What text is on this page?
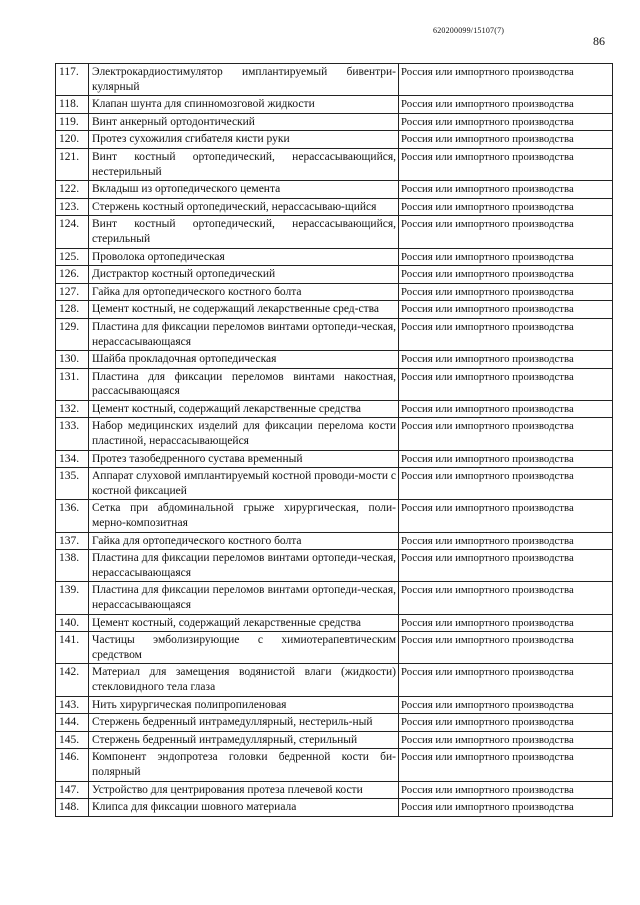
620200099/15107(7)
86
117.	Электрокардиостимулятор имплантируемый бивентри-кулярный	Россия или импортного производства
118.	Клапан шунта для спинномозговой жидкости	Россия или импортного производства
119.	Винт анкерный ортодонтический	Россия или импортного производства
120.	Протез сухожилия сгибателя кисти руки	Россия или импортного производства
121.	Винт костный ортопедический, нерассасывающийся, нестерильный	Россия или импортного производства
122.	Вкладыш из ортопедического цемента	Россия или импортного производства
123.	Стержень костный ортопедический, нерассасываю-щийся	Россия или импортного производства
124.	Винт костный ортопедический, нерассасывающийся, стерильный	Россия или импортного производства
125.	Проволока ортопедическая	Россия или импортного производства
126.	Дистрактор костный ортопедический	Россия или импортного производства
127.	Гайка для ортопедического костного болта	Россия или импортного производства
128.	Цемент костный, не содержащий лекарственные сред-ства	Россия или импортного производства
129.	Пластина для фиксации переломов винтами ортопеди-ческая, нерассасывающаяся	Россия или импортного производства
130.	Шайба прокладочная ортопедическая	Россия или импортного производства
131.	Пластина для фиксации переломов винтами накостная, рассасывающаяся	Россия или импортного производства
132.	Цемент костный, содержащий лекарственные средства	Россия или импортного производства
133.	Набор медицинских изделий для фиксации перелома кости пластиной, нерассасывающейся	Россия или импортного производства
134.	Протез тазобедренного сустава временный	Россия или импортного производства
135.	Аппарат слуховой имплантируемый костной проводи-мости с костной фиксацией	Россия или импортного производства
136.	Сетка при абдоминальной грыже хирургическая, поли-мерно-композитная	Россия или импортного производства
137.	Гайка для ортопедического костного болта	Россия или импортного производства
138.	Пластина для фиксации переломов винтами ортопеди-ческая, нерассасывающаяся	Россия или импортного производства
139.	Пластина для фиксации переломов винтами ортопеди-ческая, нерассасывающаяся	Россия или импортного производства
140.	Цемент костный, содержащий лекарственные средства	Россия или импортного производства
141.	Частицы эмболизирующие с химиотерапевтическим средством	Россия или импортного производства
142.	Материал для замещения водянистой влаги (жидкости) стекловидного тела глаза	Россия или импортного производства
143.	Нить хирургическая полипропиленовая	Россия или импортного производства
144.	Стержень бедренный интрамедуллярный, нестериль-ный	Россия или импортного производства
145.	Стержень бедренный интрамедуллярный, стерильный	Россия или импортного производства
146.	Компонент эндопротеза головки бедренной кости би-полярный	Россия или импортного производства
147.	Устройство для центрирования протеза плечевой кости	Россия или импортного производства
148.	Клипса для фиксации шовного материала	Россия или импортного производства
